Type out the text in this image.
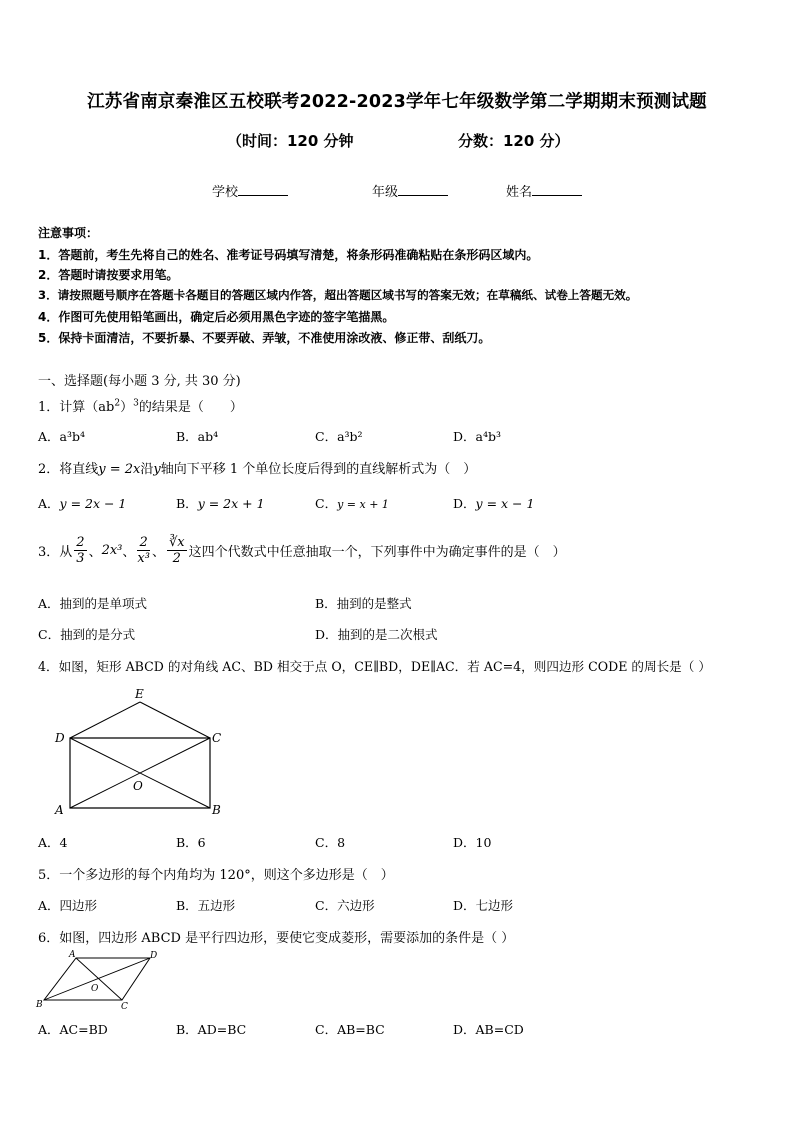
江苏省南京秦淮区五校联考2022-2023学年七年级数学第二学期期末预测试题
（时间：120 分钟	分数：120 分）
学校	年级	姓名
注意事项：
1．答题前，考生先将自己的姓名、准考证号码填写清楚，将条形码准确粘贴在条形码区域内。
2．答题时请按要求用笔。
3．请按照题号顺序在答题卡各题目的答题区域内作答，超出答题区域书写的答案无效；在草稿纸、试卷上答题无效。
4．作图可先使用铅笔画出，确定后必须用黑色字迹的签字笔描黑。
5．保持卡面清洁，不要折暴、不要弄破、弄皱，不准使用涂改液、修正带、刮纸刀。
一、选择题(每小题 3 分, 共 30 分)
1．计算$(ab^2)^3$的结果是（　　）
A．a³b⁴	B．ab⁴	C．a³b²	D．a⁴b³
2．将直线y = 2x沿y轴向下平移 1 个单位长度后得到的直线解析式为（　）
A．y = 2x − 1	B．y = 2x + 1	C．y = x + 1	D．y = x − 1
3．从 $\frac{2}{3}$ 、 2x³ 、 $\frac{2}{\text{x³}}$ 、 $\frac{∛x}{2}$ 这四个代数式中任意抽取一个，下列事件中为确定事件的是（　）
A．抽到的是单项式	B．抽到的是整式
C．抽到的是分式	D．抽到的是二次根式
4．如图，矩形 ABCD 的对角线 AC、BD 相交于点 O，CE∥BD，DE∥AC．若 AC=4，则四边形 CODE 的周长是（ ）
E
D	C
O
A	B
A．4	B．6	C．8	D．10
5．一个多边形的每个内角均为 120°，则这个多边形是（　）
A．四边形	B．五边形	C．六边形	D．七边形
6．如图，四边形 ABCD 是平行四边形，要使它变成菱形，需要添加的条件是（ ）
A	D
O
B	C
A．AC=BD	B．AD=BC	C．AB=BC	D．AB=CD
